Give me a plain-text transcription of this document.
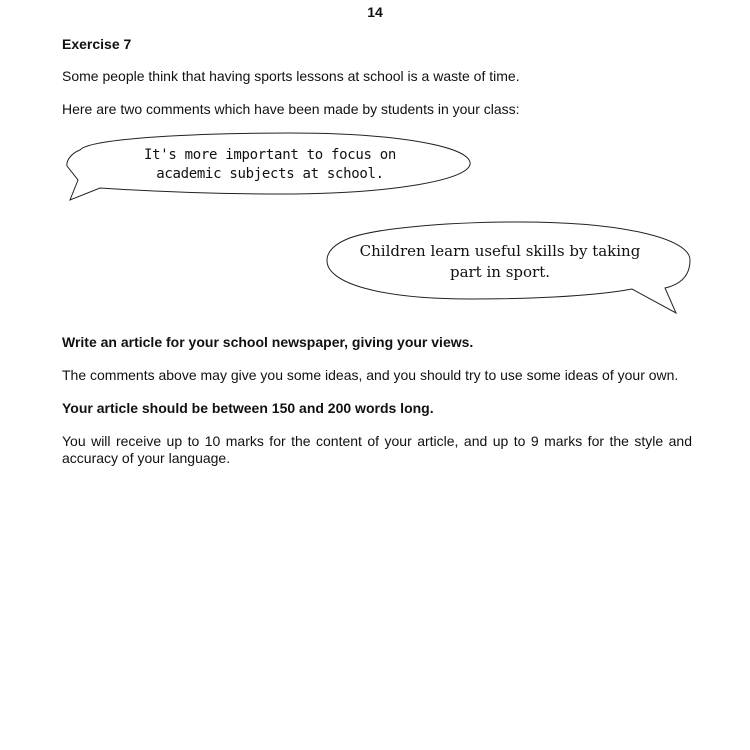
14
Exercise 7

Some people think that having sports lessons at school is a waste of time.

Here are two comments which have been made by students in your class:

It's more important to focus on
academic subjects at school.
Children learn useful skills by taking
part in sport.

Write an article for your school newspaper, giving your views.

The comments above may give you some ideas, and you should try to use some ideas of your own.

Your article should be between 150 and 200 words long.

You will receive up to 10 marks for the content of your article, and up to 9 marks for the style and accuracy of your language.
